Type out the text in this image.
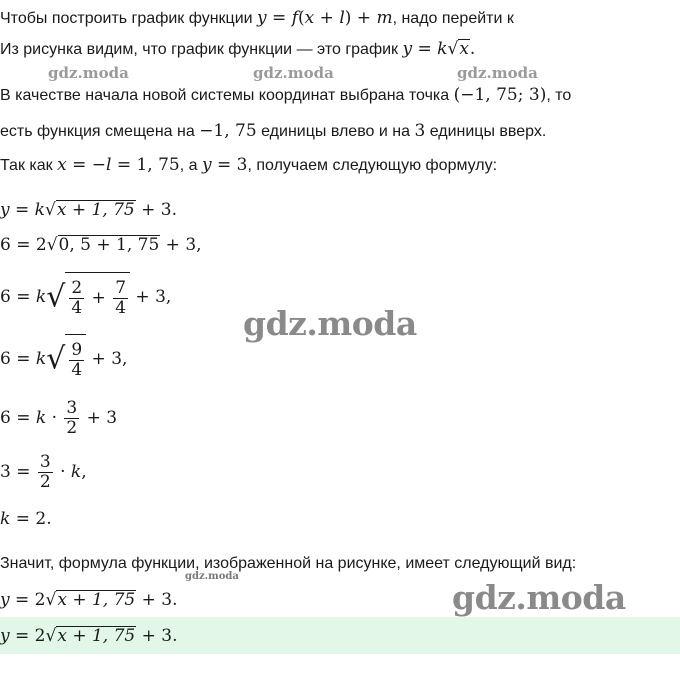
Чтобы построить график функции y = f(x + l) + m, надо перейти к
Из рисунка видим, что график функции — это график y = k√x.
gdz.moda	gdz.moda	gdz.moda
В качестве начала новой системы координат выбрана точка (−1, 75; 3), то
есть функция смещена на −1, 75 единицы влево и на 3 единицы вверх.
Так как x = −l = 1, 75, а y = 3, получаем следующую формулу:
y = k√x + 1, 75 + 3.
6 = 2√0, 5 + 1, 75 + 3,
$6 = k√ \frac{2}{4} + \frac{7}{4} + 3$,
gdz.moda
$6 = k√ \frac{9}{4} + 3$,
$6 = k \cdot \frac{3}{2} + 3$
$3 = \frac{3}{2} \cdot k$,
k = 2.
Значит, формула функции, изображенной на рисунке, имеет следующий вид:
gdz.moda
y = 2√x + 1, 75 + 3.	gdz.moda
y = 2√x + 1, 75 + 3.
